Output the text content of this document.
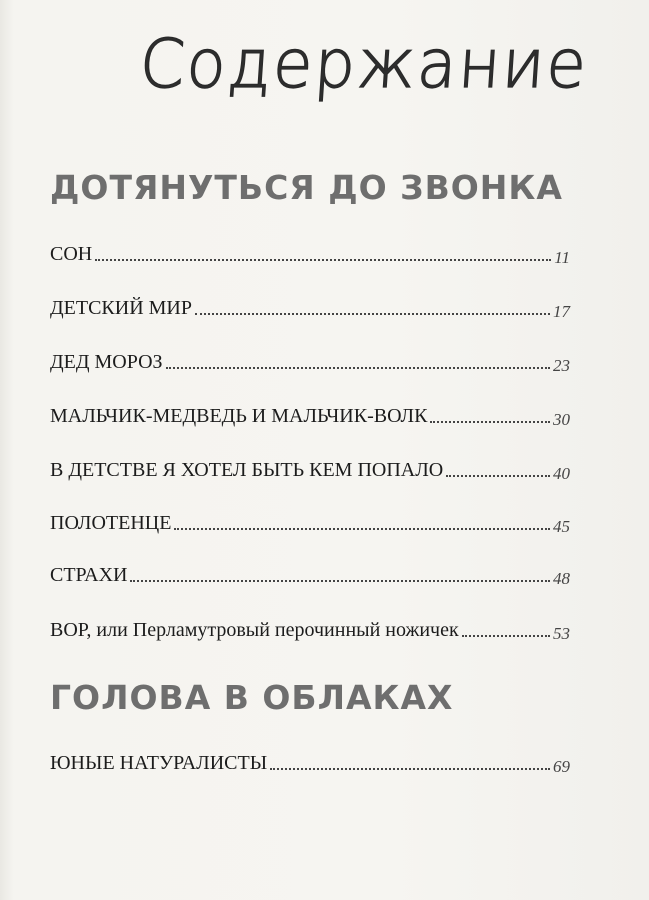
Содержание
ДОТЯНУТЬСЯ ДО ЗВОНКА
СОН	11
ДЕТСКИЙ МИР	17
ДЕД МОРОЗ	23
МАЛЬЧИК-МЕДВЕДЬ И МАЛЬЧИК-ВОЛК	30
В ДЕТСТВЕ Я ХОТЕЛ БЫТЬ КЕМ ПОПАЛО	40
ПОЛОТЕНЦЕ	45
СТРАХИ	48
ВОР, или Перламутровый перочинный ножичек	53
ГОЛОВА В ОБЛАКАХ
ЮНЫЕ НАТУРАЛИСТЫ	69
